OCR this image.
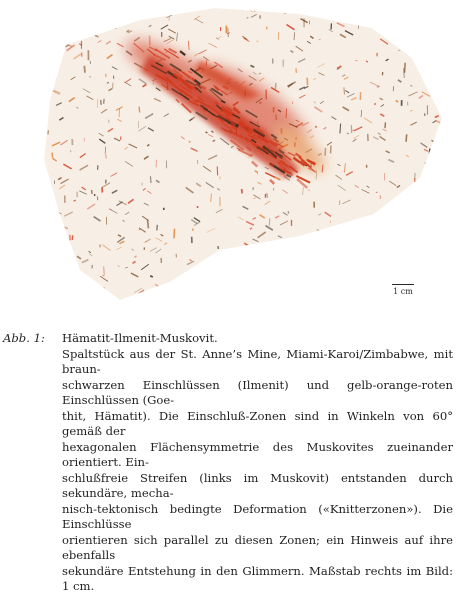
1 cm
Abb. 1:	Hämatit-Ilmenit-Muskovit.
Spaltstück aus der St. Anne’s Mine, Miami-Karoi/Zimbabwe, mit braun-
schwarzen Einschlüssen (Ilmenit) und gelb-orange-roten Einschlüssen (Goe-
thit, Hämatit). Die Einschluß-Zonen sind in Winkeln von 60° gemäß der
hexagonalen Flächensymmetrie des Muskovites zueinander orientiert. Ein-
schlußfreie Streifen (links im Muskovit) entstanden durch sekundäre, mecha-
nisch-tektonisch bedingte Deformation («Knitterzonen»). Die Einschlüsse
orientieren sich parallel zu diesen Zonen; ein Hinweis auf ihre ebenfalls
sekundäre Entstehung in den Glimmern. Maßstab rechts im Bild: 1 cm.
